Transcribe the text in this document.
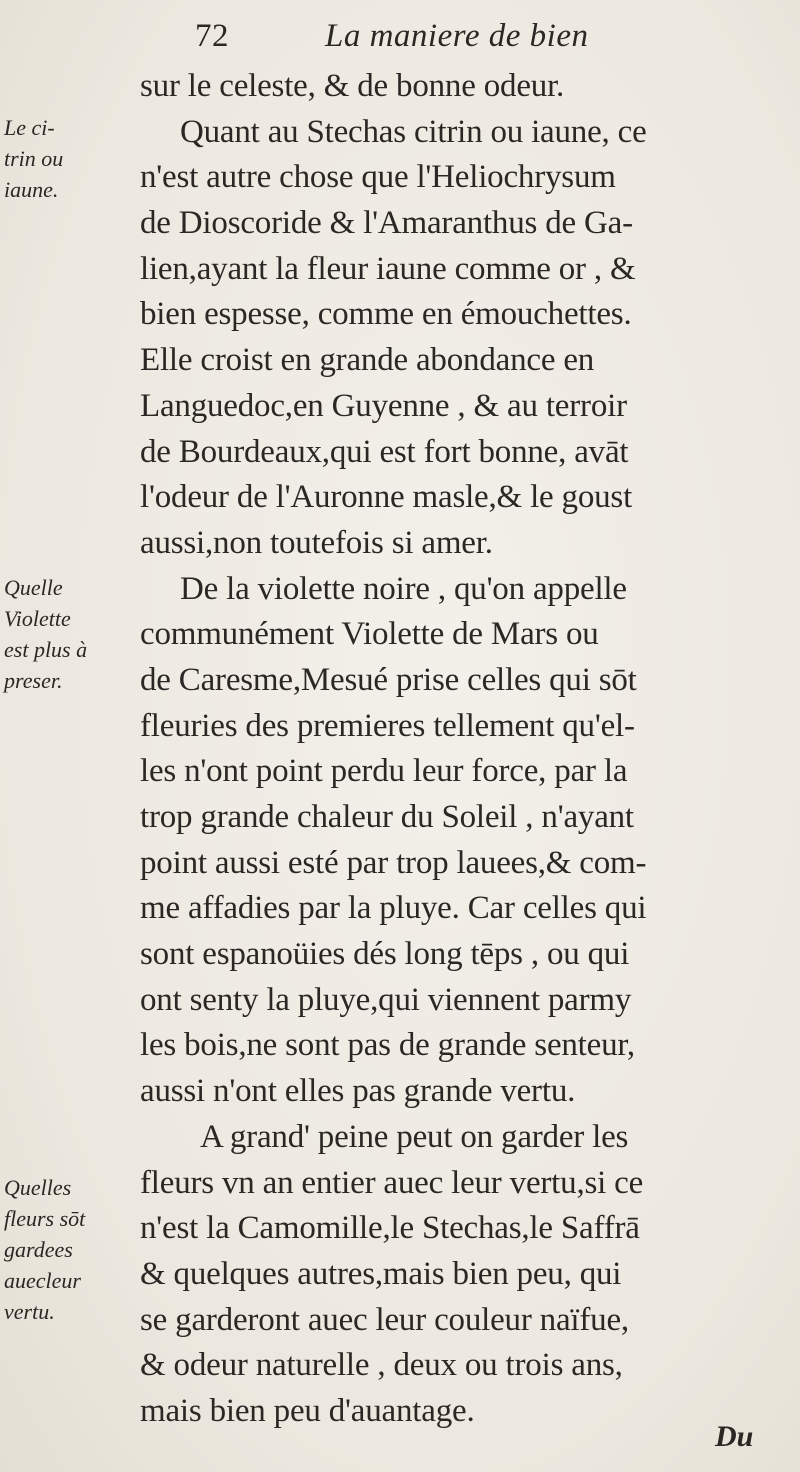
72	La maniere de bien
sur le celeste, & de bonne odeur.
Quant au Stechas citrin ou iaune, ce
n'est autre chose que l'Heliochrysum
de Dioscoride & l'Amaranthus de Ga-
lien,ayant la fleur iaune comme or , &
bien espesse, comme en émouchettes.
Elle croist en grande abondance en
Languedoc,en Guyenne , & au terroir
de Bourdeaux,qui est fort bonne, avāt
l'odeur de l'Auronne masle,& le goust
aussi,non toutefois si amer.
De la violette noire , qu'on appelle
communément Violette de Mars ou
de Caresme,Mesué prise celles qui sōt
fleuries des premieres tellement qu'el-
les n'ont point perdu leur force, par la
trop grande chaleur du Soleil , n'ayant
point aussi esté par trop lauees,& com-
me affadies par la pluye. Car celles qui
sont espanoüies dés long tēps , ou qui
ont senty la pluye,qui viennent parmy
les bois,ne sont pas de grande senteur,
aussi n'ont elles pas grande vertu.
A grand' peine peut on garder les
fleurs vn an entier auec leur vertu,si ce
n'est la Camomille,le Stechas,le Saffrā
& quelques autres,mais bien peu, qui
se garderont auec leur couleur naïfue,
& odeur naturelle , deux ou trois ans,
mais bien peu d'auantage.
Le ci-
trin ou
iaune.
Quelle
Violette
est plus à
preser.
Quelles
fleurs sōt
gardees
auecleur
vertu.
Du
